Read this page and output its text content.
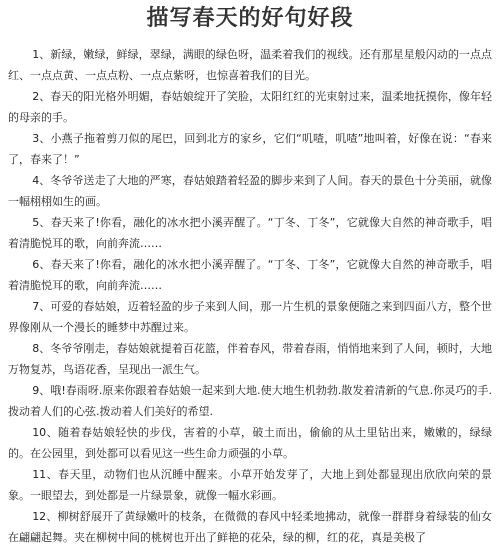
描写春天的好句好段

1、新绿，嫩绿，鲜绿，翠绿，满眼的绿色呀，温柔着我们的视线。还有那星星般闪动的一点点红、一点点黄、一点点粉、一点点紫呀，也惊喜着我们的目光。

2、春天的阳光格外明媚，春姑娘绽开了笑脸，太阳红红的光束射过来，温柔地抚摸你，像年轻的母亲的手。

3、小燕子拖着剪刀似的尾巴，回到北方的家乡，它们“叽喳，叽喳”地叫着，好像在说：“春来了，春来了！”

4、冬爷爷送走了大地的严寒，春姑娘踏着轻盈的脚步来到了人间。春天的景色十分美丽，就像一幅栩栩如生的画。

5、春天来了!你看，融化的冰水把小溪弄醒了。“丁冬、丁冬”，它就像大自然的神奇歌手，唱着清脆悦耳的歌，向前奔流……

6、春天来了!你看，融化的冰水把小溪弄醒了。“丁冬、丁冬”，它就像大自然的神奇歌手，唱着清脆悦耳的歌，向前奔流……

7、可爱的春姑娘，迈着轻盈的步子来到人间，那一片生机的景象便随之来到四面八方，整个世界像刚从一个漫长的睡梦中苏醒过来。

8、冬爷爷刚走，春姑娘就提着百花篮，伴着春风，带着春雨，悄悄地来到了人间，顿时，大地万物复苏，鸟语花香，呈现出一派生气。

9、哦!春雨呀.原来你跟着春姑娘一起来到大地.使大地生机勃勃.散发着清新的气息.你灵巧的手.拨动着人们的心弦.拨动着人们美好的希望.

10、随着春姑娘轻快的步伐，害着的小草，破土而出，偷偷的从土里钻出来，嫩嫩的，绿绿的。在公园里，到处都可以看见这一些生命力顽强的小草。

11、春天里，动物们也从沉睡中醒来。小草开始发芽了，大地上到处都显现出欣欣向荣的景象。一眼望去，到处都是一片绿景象，就像一幅水彩画。

12、柳树舒展开了黄绿嫩叶的枝条，在微微的春风中轻柔地拂动，就像一群群身着绿装的仙女在翩翩起舞。夹在柳树中间的桃树也开出了鲜艳的花朵，绿的柳，红的花，真是美极了
